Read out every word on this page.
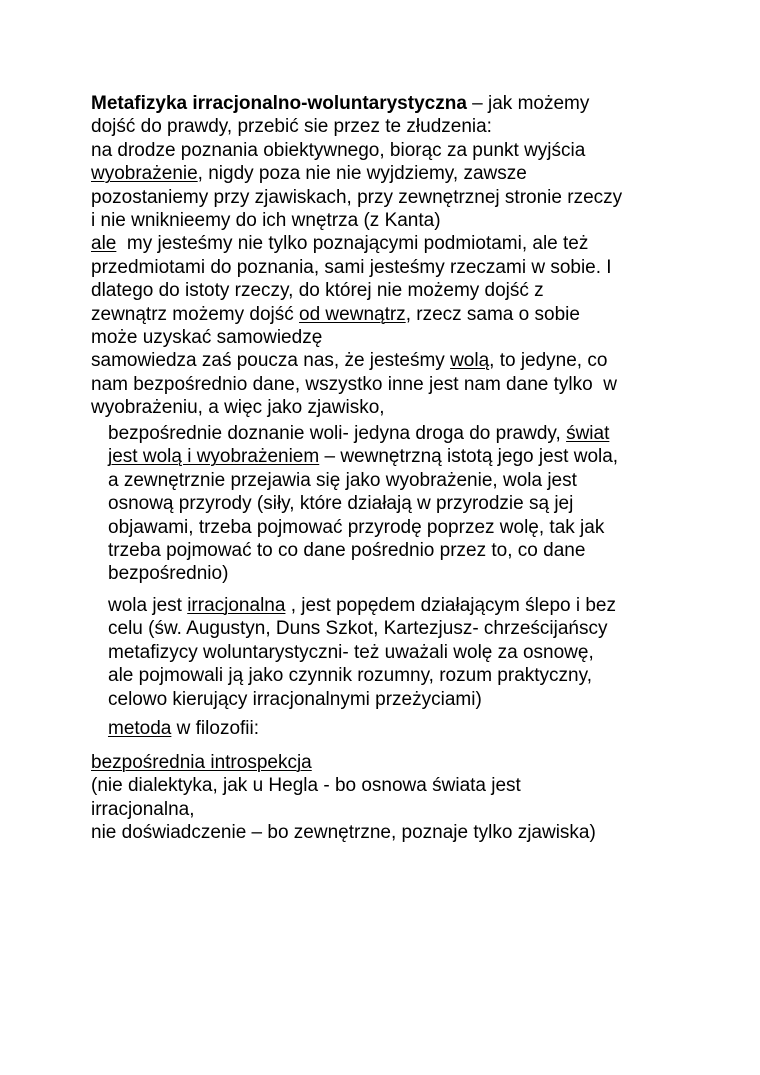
Metafizyka irracjonalno-woluntarystyczna – jak możemy
dojść do prawdy, przebić sie przez te złudzenia:
na drodze poznania obiektywnego, biorąc za punkt wyjścia
wyobrażenie, nigdy poza nie nie wyjdziemy, zawsze
pozostaniemy przy zjawiskach, przy zewnętrznej stronie rzeczy
i nie wniknieemy do ich wnętrza (z Kanta)
ale  my jesteśmy nie tylko poznającymi podmiotami, ale też
przedmiotami do poznania, sami jesteśmy rzeczami w sobie. I
dlatego do istoty rzeczy, do której nie możemy dojść z
zewnątrz możemy dojść od wewnątrz, rzecz sama o sobie
może uzyskać samowiedzę
samowiedza zaś poucza nas, że jesteśmy wolą, to jedyne, co
nam bezpośrednio dane, wszystko inne jest nam dane tylko  w
wyobrażeniu, a więc jako zjawisko,
bezpośrednie doznanie woli- jedyna droga do prawdy, świat
jest wolą i wyobrażeniem – wewnętrzną istotą jego jest wola,
a zewnętrznie przejawia się jako wyobrażenie, wola jest
osnową przyrody (siły, które działają w przyrodzie są jej
objawami, trzeba pojmować przyrodę poprzez wolę, tak jak
trzeba pojmować to co dane pośrednio przez to, co dane
bezpośrednio)
wola jest irracjonalna , jest popędem działającym ślepo i bez
celu (św. Augustyn, Duns Szkot, Kartezjusz- chrześcijańscy
metafizycy woluntarystyczni- też uważali wolę za osnowę,
ale pojmowali ją jako czynnik rozumny, rozum praktyczny,
celowo kierujący irracjonalnymi przeżyciami)
metoda w filozofii:
bezpośrednia introspekcja
(nie dialektyka, jak u Hegla - bo osnowa świata jest
irracjonalna,
nie doświadczenie – bo zewnętrzne, poznaje tylko zjawiska)
